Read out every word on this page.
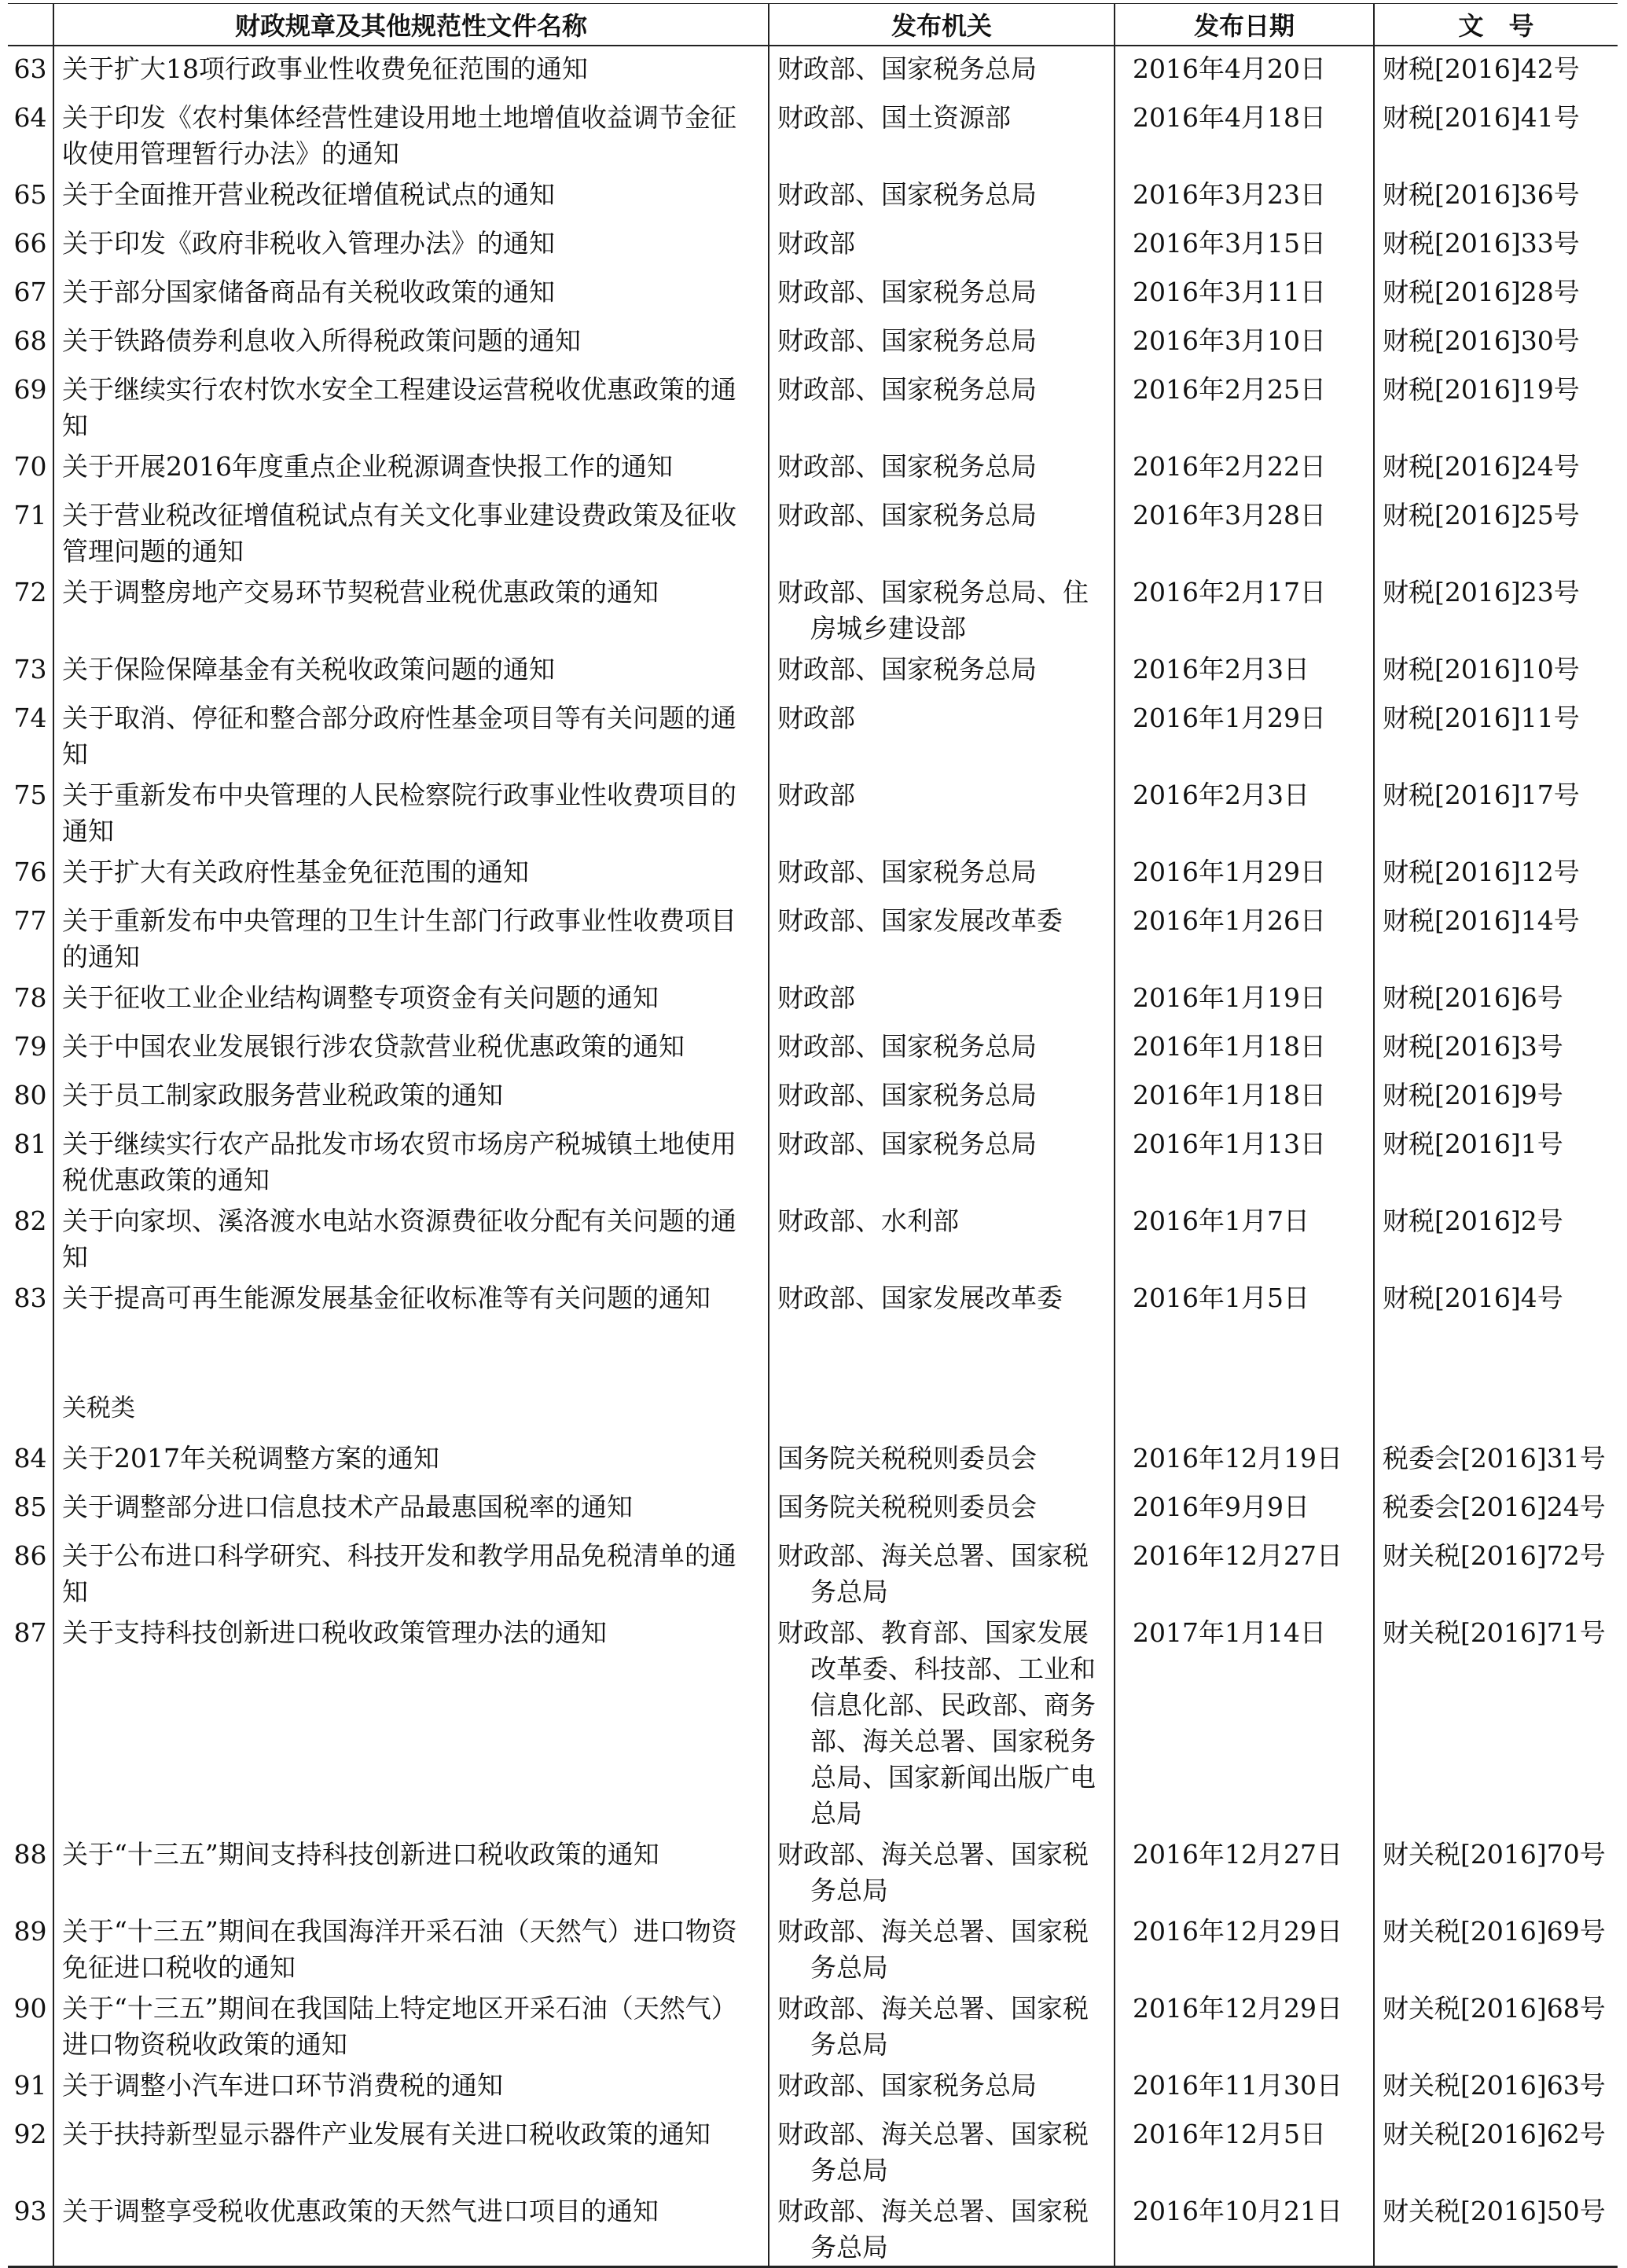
	财政规章及其他规范性文件名称	发布机关	发布日期	文　号
63	关于扩大18项行政事业性收费免征范围的通知	财政部、国家税务总局	2016年4月20日	财税[2016]42号
64	关于印发《农村集体经营性建设用地土地增值收益调节金征收使用管理暂行办法》的通知	财政部、国土资源部	2016年4月18日	财税[2016]41号
65	关于全面推开营业税改征增值税试点的通知	财政部、国家税务总局	2016年3月23日	财税[2016]36号
66	关于印发《政府非税收入管理办法》的通知	财政部	2016年3月15日	财税[2016]33号
67	关于部分国家储备商品有关税收政策的通知	财政部、国家税务总局	2016年3月11日	财税[2016]28号
68	关于铁路债券利息收入所得税政策问题的通知	财政部、国家税务总局	2016年3月10日	财税[2016]30号
69	关于继续实行农村饮水安全工程建设运营税收优惠政策的通知	财政部、国家税务总局	2016年2月25日	财税[2016]19号
70	关于开展2016年度重点企业税源调查快报工作的通知	财政部、国家税务总局	2016年2月22日	财税[2016]24号
71	关于营业税改征增值税试点有关文化事业建设费政策及征收管理问题的通知	财政部、国家税务总局	2016年3月28日	财税[2016]25号
72	关于调整房地产交易环节契税营业税优惠政策的通知	财政部、国家税务总局、住房城乡建设部	2016年2月17日	财税[2016]23号
73	关于保险保障基金有关税收政策问题的通知	财政部、国家税务总局	2016年2月3日	财税[2016]10号
74	关于取消、停征和整合部分政府性基金项目等有关问题的通知	财政部	2016年1月29日	财税[2016]11号
75	关于重新发布中央管理的人民检察院行政事业性收费项目的通知	财政部	2016年2月3日	财税[2016]17号
76	关于扩大有关政府性基金免征范围的通知	财政部、国家税务总局	2016年1月29日	财税[2016]12号
77	关于重新发布中央管理的卫生计生部门行政事业性收费项目的通知	财政部、国家发展改革委	2016年1月26日	财税[2016]14号
78	关于征收工业企业结构调整专项资金有关问题的通知	财政部	2016年1月19日	财税[2016]6号
79	关于中国农业发展银行涉农贷款营业税优惠政策的通知	财政部、国家税务总局	2016年1月18日	财税[2016]3号
80	关于员工制家政服务营业税政策的通知	财政部、国家税务总局	2016年1月18日	财税[2016]9号
81	关于继续实行农产品批发市场农贸市场房产税城镇土地使用税优惠政策的通知	财政部、国家税务总局	2016年1月13日	财税[2016]1号
82	关于向家坝、溪洛渡水电站水资源费征收分配有关问题的通知	财政部、水利部	2016年1月7日	财税[2016]2号
83	关于提高可再生能源发展基金征收标准等有关问题的通知	财政部、国家发展改革委	2016年1月5日	财税[2016]4号

	关税类			
84	关于2017年关税调整方案的通知	国务院关税税则委员会	2016年12月19日	税委会[2016]31号
85	关于调整部分进口信息技术产品最惠国税率的通知	国务院关税税则委员会	2016年9月9日	税委会[2016]24号
86	关于公布进口科学研究、科技开发和教学用品免税清单的通知	财政部、海关总署、国家税务总局	2016年12月27日	财关税[2016]72号
87	关于支持科技创新进口税收政策管理办法的通知	财政部、教育部、国家发展改革委、科技部、工业和信息化部、民政部、商务部、海关总署、国家税务总局、国家新闻出版广电总局	2017年1月14日	财关税[2016]71号
88	关于“十三五”期间支持科技创新进口税收政策的通知	财政部、海关总署、国家税务总局	2016年12月27日	财关税[2016]70号
89	关于“十三五”期间在我国海洋开采石油（天然气）进口物资免征进口税收的通知	财政部、海关总署、国家税务总局	2016年12月29日	财关税[2016]69号
90	关于“十三五”期间在我国陆上特定地区开采石油（天然气）进口物资税收政策的通知	财政部、海关总署、国家税务总局	2016年12月29日	财关税[2016]68号
91	关于调整小汽车进口环节消费税的通知	财政部、国家税务总局	2016年11月30日	财关税[2016]63号
92	关于扶持新型显示器件产业发展有关进口税收政策的通知	财政部、海关总署、国家税务总局	2016年12月5日	财关税[2016]62号
93	关于调整享受税收优惠政策的天然气进口项目的通知	财政部、海关总署、国家税务总局	2016年10月21日	财关税[2016]50号
